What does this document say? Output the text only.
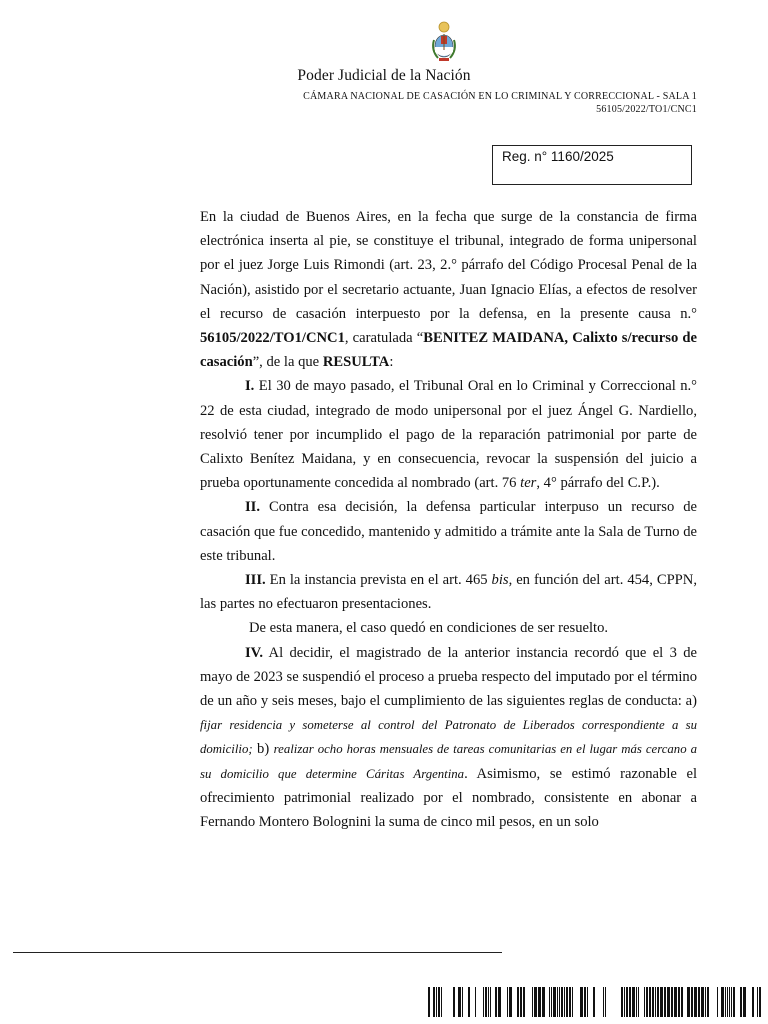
Poder Judicial de la Nación
CÁMARA NACIONAL DE CASACIÓN EN LO CRIMINAL Y CORRECCIONAL - SALA 1
56105/2022/TO1/CNC1
Reg. n° 1160/2025

En la ciudad de Buenos Aires, en la fecha que surge de la constancia de firma electrónica inserta al pie, se constituye el tribunal, integrado de forma unipersonal por el juez Jorge Luis Rimondi (art. 23, 2.° párrafo del Código Procesal Penal de la Nación), asistido por el secretario actuante, Juan Ignacio Elías, a efectos de resolver el recurso de casación interpuesto por la defensa, en la presente causa n.° 56105/2022/TO1/CNC1, caratulada “BENITEZ MAIDANA, Calixto s/recurso de casación”, de la que RESULTA:

I. El 30 de mayo pasado, el Tribunal Oral en lo Criminal y Correccional n.° 22 de esta ciudad, integrado de modo unipersonal por el juez Ángel G. Nardiello, resolvió tener por incumplido el pago de la reparación patrimonial por parte de Calixto Benítez Maidana, y en consecuencia, revocar la suspensión del juicio a prueba oportunamente concedida al nombrado (art. 76 ter, 4° párrafo del C.P.).

II. Contra esa decisión, la defensa particular interpuso un recurso de casación que fue concedido, mantenido y admitido a trámite ante la Sala de Turno de este tribunal.

III. En la instancia prevista en el art. 465 bis, en función del art. 454, CPPN, las partes no efectuaron presentaciones.

De esta manera, el caso quedó en condiciones de ser resuelto.

IV. Al decidir, el magistrado de la anterior instancia recordó que el 3 de mayo de 2023 se suspendió el proceso a prueba respecto del imputado por el término de un año y seis meses, bajo el cumplimiento de las siguientes reglas de conducta: a) fijar residencia y someterse al control del Patronato de Liberados correspondiente a su domicilio; b) realizar ocho horas mensuales de tareas comunitarias en el lugar más cercano a su domicilio que determine Cáritas Argentina. Asimismo, se estimó razonable el ofrecimiento patrimonial realizado por el nombrado, consistente en abonar a Fernando Montero Bolognini la suma de cinco mil pesos, en un solo
